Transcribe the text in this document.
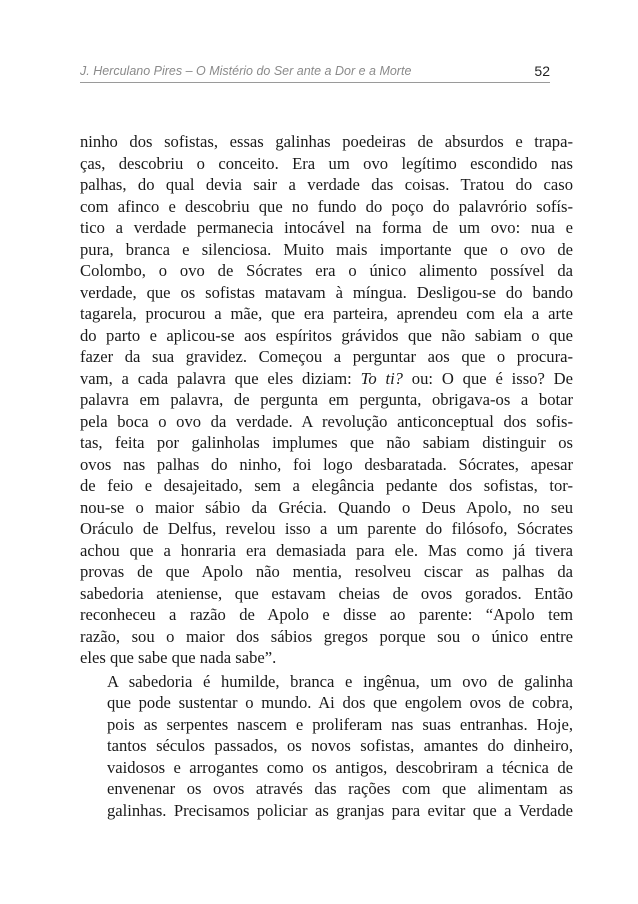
J. Herculano Pires – O Mistério do Ser ante a Dor e a Morte	52
ninho dos sofistas, essas galinhas poedeiras de absurdos e trapa-
ças, descobriu o conceito. Era um ovo legítimo escondido nas
palhas, do qual devia sair a verdade das coisas. Tratou do caso
com afinco e descobriu que no fundo do poço do palavrório sofís-
tico a verdade permanecia intocável na forma de um ovo: nua e
pura, branca e silenciosa. Muito mais importante que o ovo de
Colombo, o ovo de Sócrates era o único alimento possível da
verdade, que os sofistas matavam à míngua. Desligou-se do bando
tagarela, procurou a mãe, que era parteira, aprendeu com ela a arte
do parto e aplicou-se aos espíritos grávidos que não sabiam o que
fazer da sua gravidez. Começou a perguntar aos que o procura-
vam, a cada palavra que eles diziam: To ti? ou: O que é isso? De
palavra em palavra, de pergunta em pergunta, obrigava-os a botar
pela boca o ovo da verdade. A revolução anticonceptual dos sofis-
tas, feita por galinholas implumes que não sabiam distinguir os
ovos nas palhas do ninho, foi logo desbaratada. Sócrates, apesar
de feio e desajeitado, sem a elegância pedante dos sofistas, tor-
nou-se o maior sábio da Grécia. Quando o Deus Apolo, no seu
Oráculo de Delfus, revelou isso a um parente do filósofo, Sócrates
achou que a honraria era demasiada para ele. Mas como já tivera
provas de que Apolo não mentia, resolveu ciscar as palhas da
sabedoria ateniense, que estavam cheias de ovos gorados. Então
reconheceu a razão de Apolo e disse ao parente: “Apolo tem
razão, sou o maior dos sábios gregos porque sou o único entre
eles que sabe que nada sabe”.
A sabedoria é humilde, branca e ingênua, um ovo de galinha
que pode sustentar o mundo. Ai dos que engolem ovos de cobra,
pois as serpentes nascem e proliferam nas suas entranhas. Hoje,
tantos séculos passados, os novos sofistas, amantes do dinheiro,
vaidosos e arrogantes como os antigos, descobriram a técnica de
envenenar os ovos através das rações com que alimentam as
galinhas. Precisamos policiar as granjas para evitar que a Verdade
